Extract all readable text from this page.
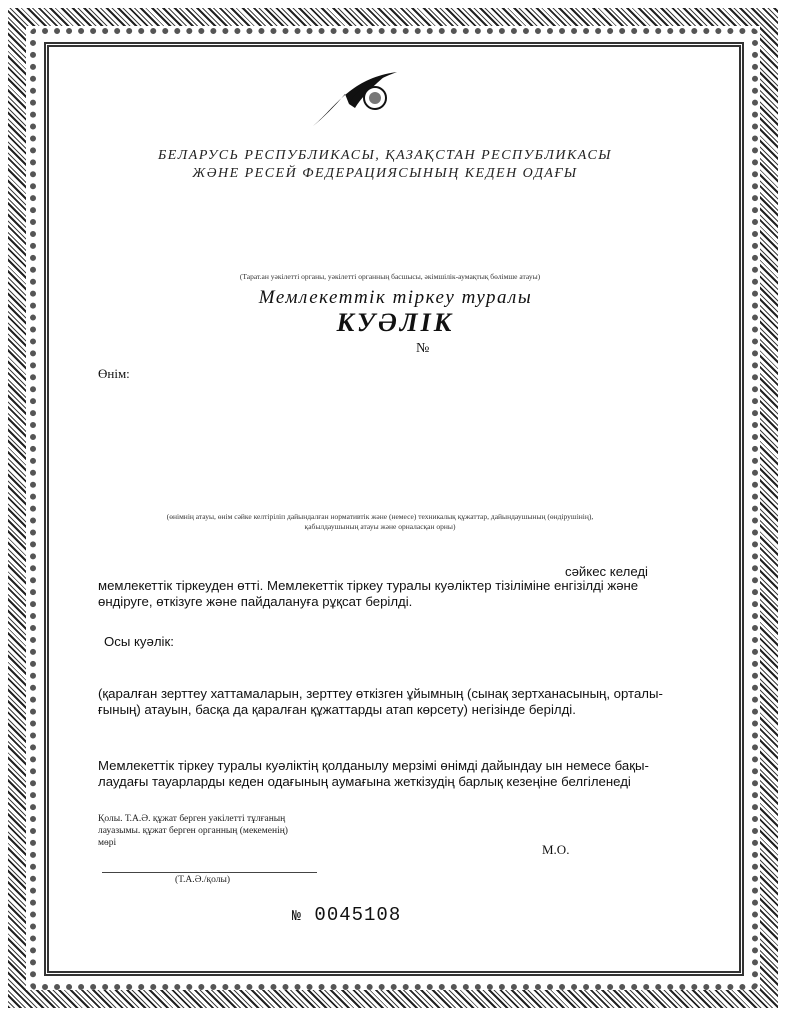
БЕЛАРУСЬ РЕСПУБЛИКАСЫ, ҚАЗАҚСТАН РЕСПУБЛИКАСЫ
ЖӘНЕ РЕСЕЙ ФЕДЕРАЦИЯСЫНЫҢ КЕДЕН ОДАҒЫ
(Тарат.ан уәкілетті органы, уәкілетті органның басшысы, әкімшілік-аумақтық бөлімше атауы)
Мемлекеттік тіркеу туралы
КУӘЛІК
№
Өнім:
(өнімнің атауы, өнім сәйке келтіріліп дайындалған нормативтік және (немесе) техникалық құжаттар, дайындаушының (өндірушінің),
қабылдаушының атауы және орналасқан орны)
сәйкес келеді
мемлекеттік тіркеуден өтті. Мемлекеттік тіркеу туралы куәліктер тізіліміне енгізілді және
өндіруге, өткізуге және пайдалануға рұқсат берілді.
Осы куәлік:
(қаралған зерттеу хаттамаларын, зерттеу өткізген ұйымның (сынақ зертханасының, орталы-
ғының) атауын, басқа да қаралған құжаттарды атап көрсету) негізінде берілді.
Мемлекеттік тіркеу туралы куәліктің қолданылу мерзімі өнімді дайындау ын немесе бақы-
лаудағы тауарларды кеден одағының аумағына жеткізудің барлық кезеңіне белгіленеді
Қолы. Т.А.Ә. құжат берген уәкілетті тұлғаның
лауазымы. құжат берген органның (мекеменің)
мөрі	М.О.
(Т.А.Ә./қолы)
№ 0045108
